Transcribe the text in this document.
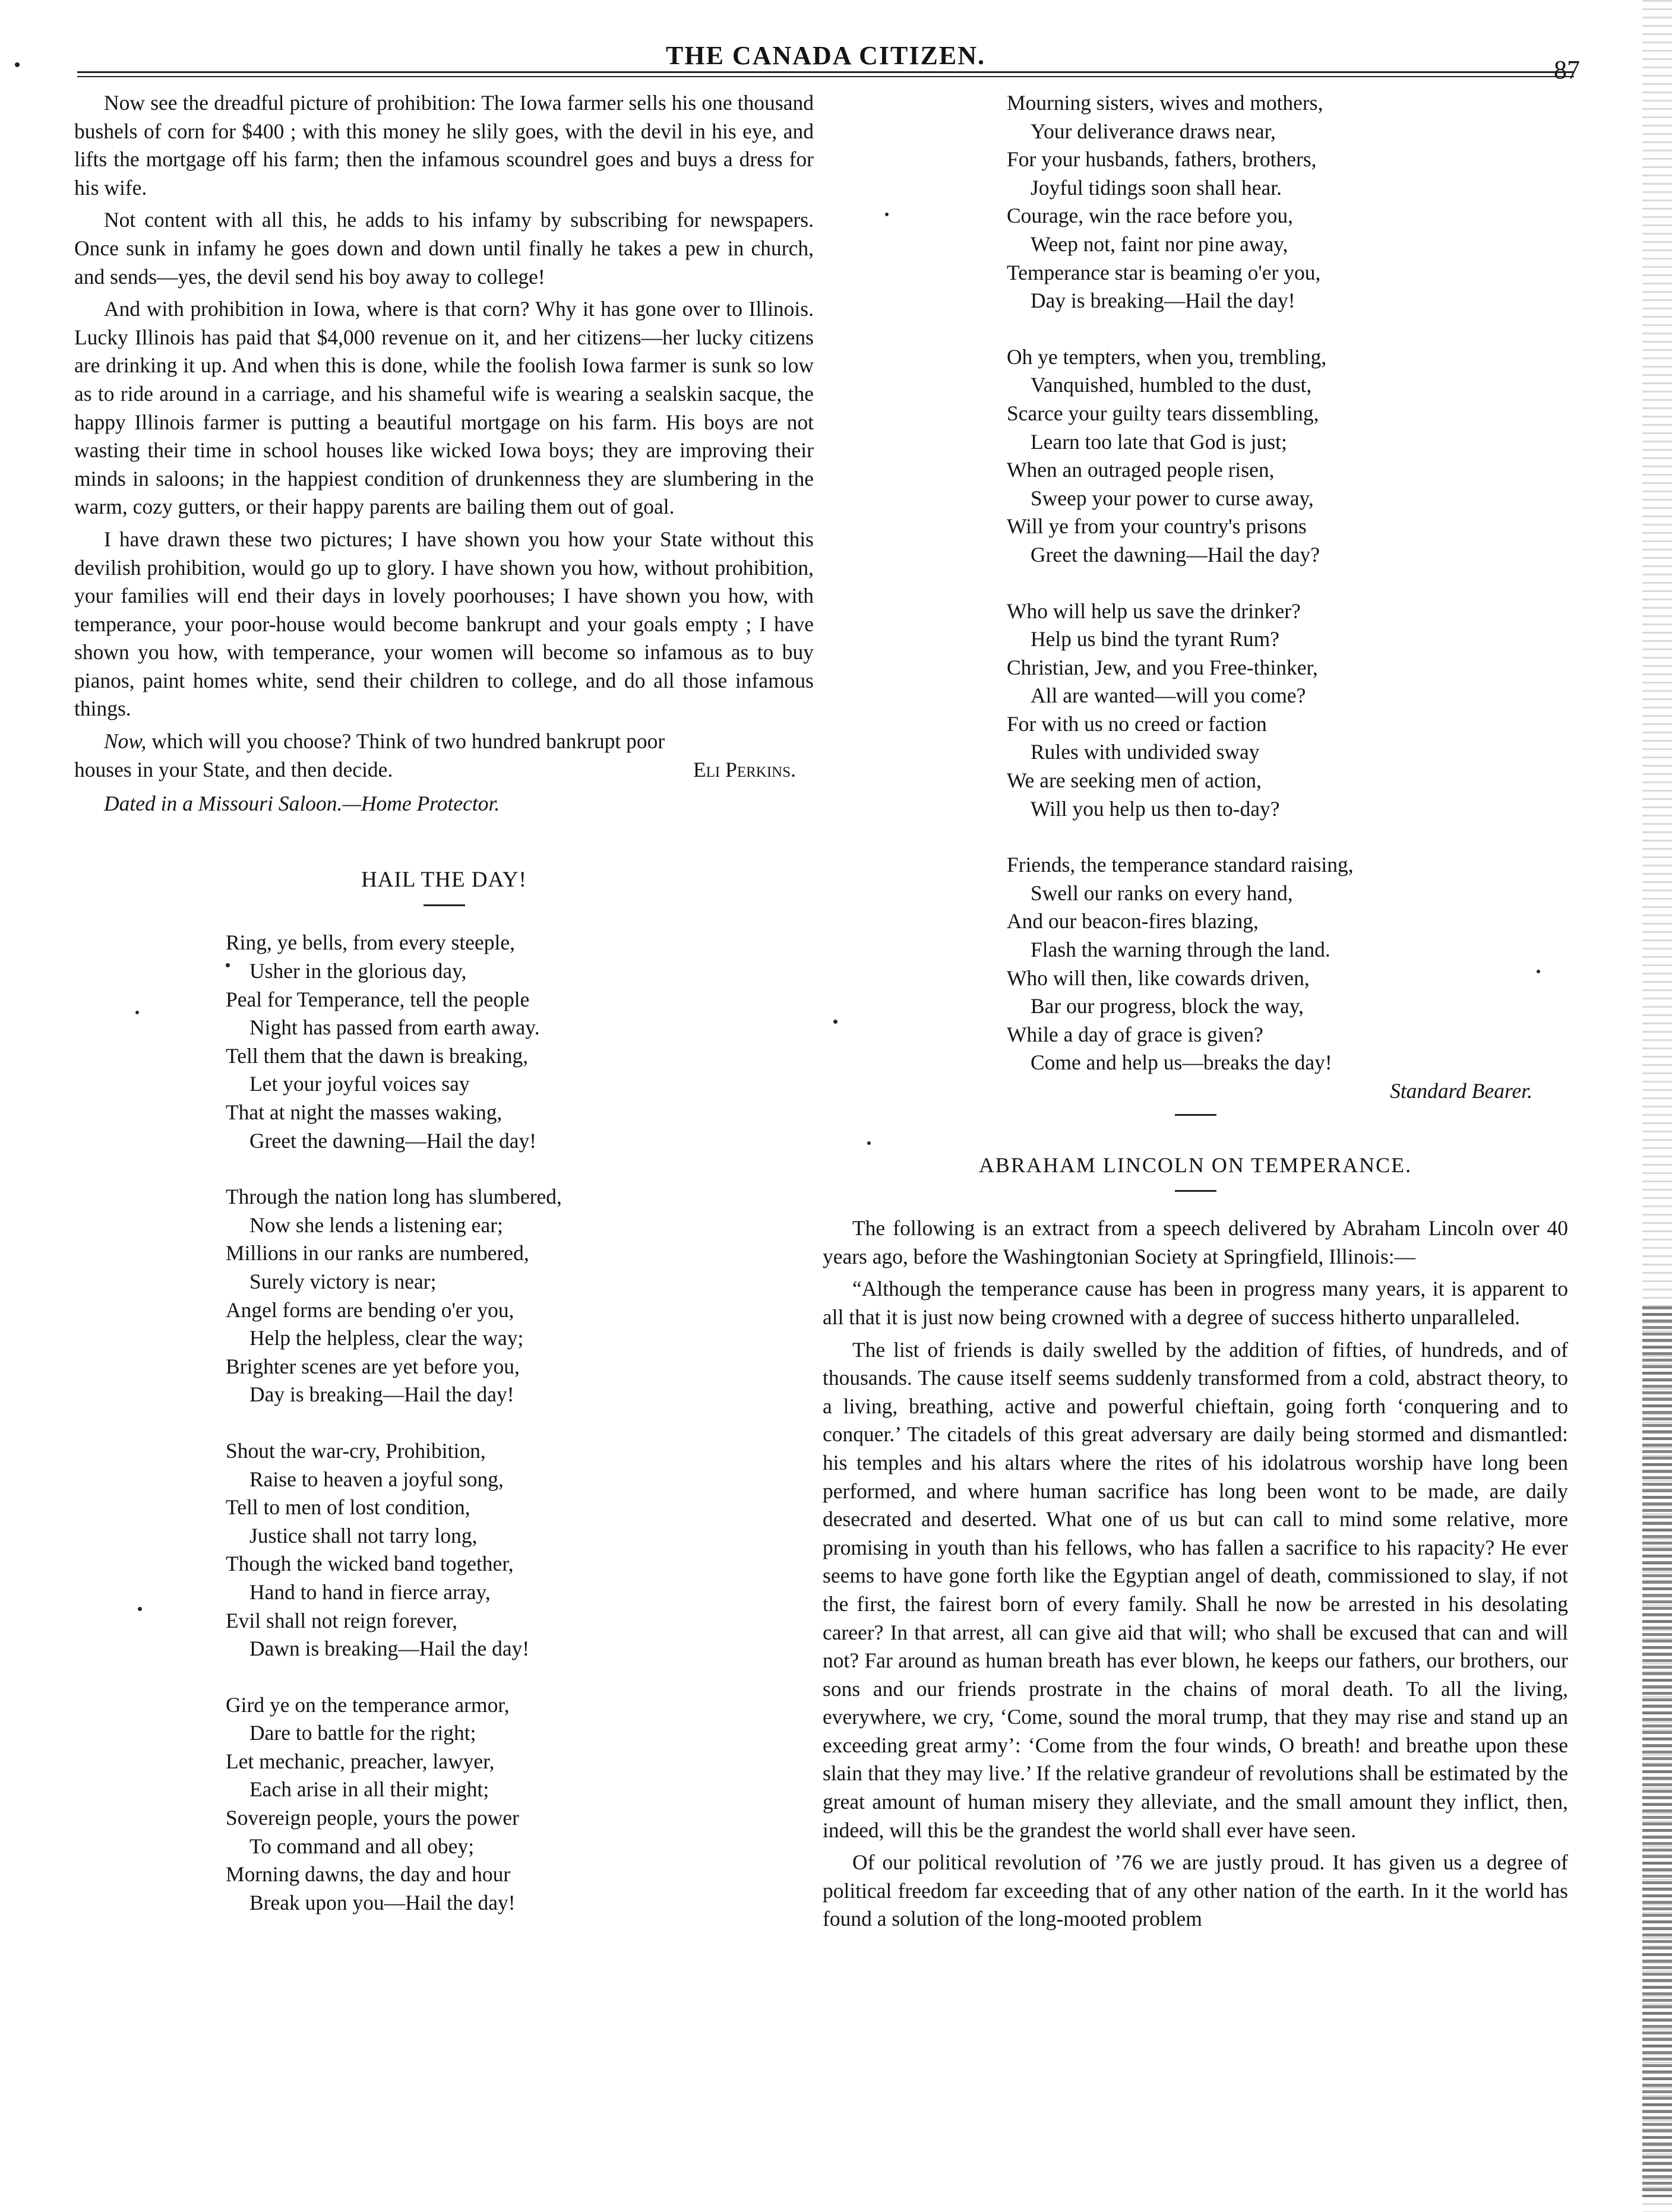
THE CANADA CITIZEN.	87

Now see the dreadful picture of prohibition: The Iowa farmer sells his one thousand bushels of corn for $400 ; with this money he slily goes, with the devil in his eye, and lifts the mortgage off his farm; then the infamous scoundrel goes and buys a dress for his wife.

Not content with all this, he adds to his infamy by subscribing for newspapers. Once sunk in infamy he goes down and down until finally he takes a pew in church, and sends—yes, the devil send his boy away to college!

And with prohibition in Iowa, where is that corn? Why it has gone over to Illinois. Lucky Illinois has paid that $4,000 revenue on it, and her citizens—her lucky citizens are drinking it up. And when this is done, while the foolish Iowa farmer is sunk so low as to ride around in a carriage, and his shameful wife is wearing a sealskin sacque, the happy Illinois farmer is putting a beautiful mortgage on his farm. His boys are not wasting their time in school houses like wicked Iowa boys; they are improving their minds in saloons; in the happiest condition of drunkenness they are slumbering in the warm, cozy gutters, or their happy parents are bailing them out of goal.

I have drawn these two pictures; I have shown you how your State without this devilish prohibition, would go up to glory. I have shown you how, without prohibition, your families will end their days in lovely poorhouses; I have shown you how, with temperance, your poor-house would become bankrupt and your goals empty ; I have shown you how, with temperance, your women will become so infamous as to buy pianos, paint homes white, send their children to college, and do all those infamous things.

Now, which will you choose? Think of two hundred bankrupt poor

houses in your State, and then decide.	Eli Perkins.
Dated in a Missouri Saloon.—Home Protector.
HAIL THE DAY!
Ring, ye bells, from every steeple,
Usher in the glorious day,
Peal for Temperance, tell the people
Night has passed from earth away.
Tell them that the dawn is breaking,
Let your joyful voices say
That at night the masses waking,
Greet the dawning—Hail the day!
Through the nation long has slumbered,
Now she lends a listening ear;
Millions in our ranks are numbered,
Surely victory is near;
Angel forms are bending o'er you,
Help the helpless, clear the way;
Brighter scenes are yet before you,
Day is breaking—Hail the day!
Shout the war-cry, Prohibition,
Raise to heaven a joyful song,
Tell to men of lost condition,
Justice shall not tarry long,
Though the wicked band together,
Hand to hand in fierce array,
Evil shall not reign forever,
Dawn is breaking—Hail the day!
Gird ye on the temperance armor,
Dare to battle for the right;
Let mechanic, preacher, lawyer,
Each arise in all their might;
Sovereign people, yours the power
To command and all obey;
Morning dawns, the day and hour
Break upon you—Hail the day!
Mourning sisters, wives and mothers,
Your deliverance draws near,
For your husbands, fathers, brothers,
Joyful tidings soon shall hear.
Courage, win the race before you,
Weep not, faint nor pine away,
Temperance star is beaming o'er you,
Day is breaking—Hail the day!
Oh ye tempters, when you, trembling,
Vanquished, humbled to the dust,
Scarce your guilty tears dissembling,
Learn too late that God is just;
When an outraged people risen,
Sweep your power to curse away,
Will ye from your country's prisons
Greet the dawning—Hail the day?
Who will help us save the drinker?
Help us bind the tyrant Rum?
Christian, Jew, and you Free-thinker,
All are wanted—will you come?
For with us no creed or faction
Rules with undivided sway
We are seeking men of action,
Will you help us then to-day?
Friends, the temperance standard raising,
Swell our ranks on every hand,
And our beacon-fires blazing,
Flash the warning through the land.
Who will then, like cowards driven,
Bar our progress, block the way,
While a day of grace is given?
Come and help us—breaks the day!
Standard Bearer.
ABRAHAM LINCOLN ON TEMPERANCE.

The following is an extract from a speech delivered by Abraham Lincoln over 40 years ago, before the Washingtonian Society at Springfield, Illinois:—

“Although the temperance cause has been in progress many years, it is apparent to all that it is just now being crowned with a degree of success hitherto unparalleled.

The list of friends is daily swelled by the addition of fifties, of hundreds, and of thousands. The cause itself seems suddenly transformed from a cold, abstract theory, to a living, breathing, active and powerful chieftain, going forth ‘conquering and to conquer.’ The citadels of this great adversary are daily being stormed and dismantled: his temples and his altars where the rites of his idolatrous worship have long been performed, and where human sacrifice has long been wont to be made, are daily desecrated and deserted. What one of us but can call to mind some relative, more promising in youth than his fellows, who has fallen a sacrifice to his rapacity? He ever seems to have gone forth like the Egyptian angel of death, commissioned to slay, if not the first, the fairest born of every family. Shall he now be arrested in his desolating career? In that arrest, all can give aid that will; who shall be excused that can and will not? Far around as human breath has ever blown, he keeps our fathers, our brothers, our sons and our friends prostrate in the chains of moral death. To all the living, everywhere, we cry, ‘Come, sound the moral trump, that they may rise and stand up an exceeding great army’: ‘Come from the four winds, O breath! and breathe upon these slain that they may live.’ If the relative grandeur of revolutions shall be estimated by the great amount of human misery they alleviate, and the small amount they inflict, then, indeed, will this be the grandest the world shall ever have seen.

Of our political revolution of ’76 we are justly proud. It has given us a degree of political freedom far exceeding that of any other nation of the earth. In it the world has found a solution of the long-mooted problem
